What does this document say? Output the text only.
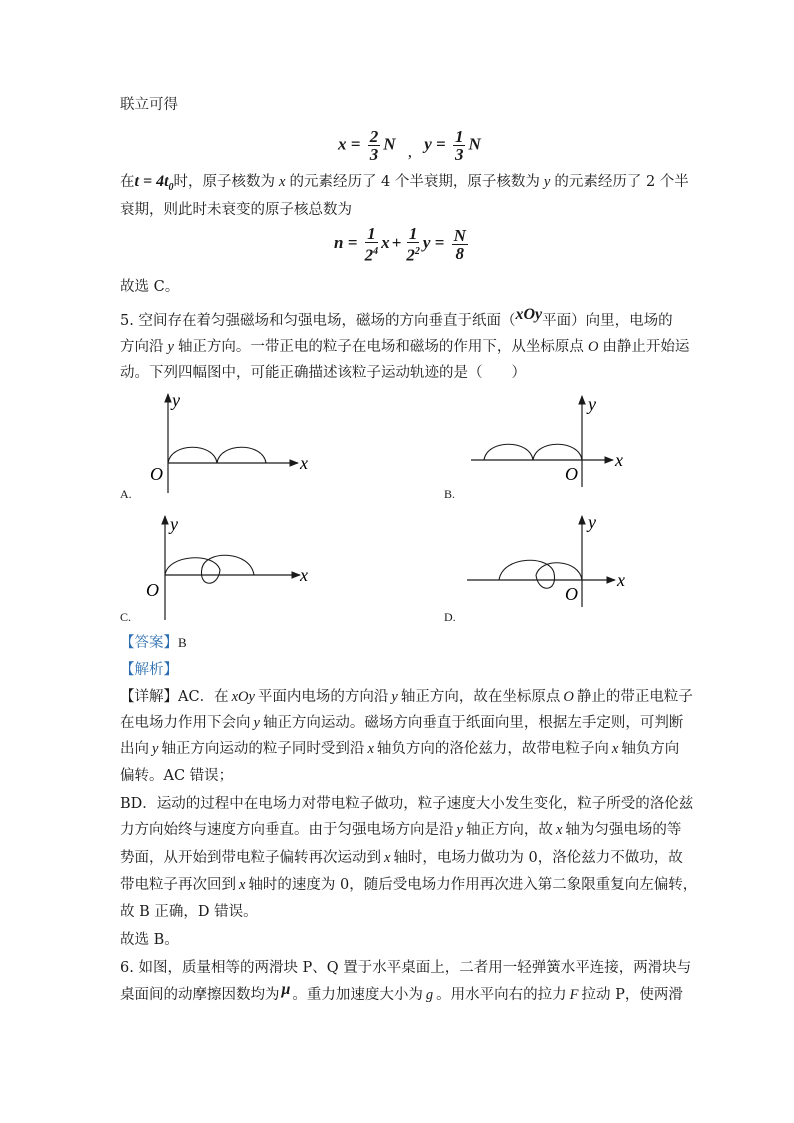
联立可得
$x = \frac{2}{3}$ N , $y = \frac{1}{3}$ N
在$t = 4t_0$时，原子核数为 x 的元素经历了 4 个半衰期，原子核数为 y 的元素经历了 2 个半
衰期，则此时未衰变的原子核总数为
$n = \frac{1}{2^4}$ $x + \frac{1}{2^2}$ $y = \frac{N}{8}$
故选 C。
5. 空间存在着匀强磁场和匀强电场，磁场的方向垂直于纸面（xOy平面）向里，电场的
方向沿 y 轴正方向。一带正电的粒子在电场和磁场的作用下，从坐标原点 O 由静止开始运
动。下列四幅图中，可能正确描述该粒子运动轨迹的是（　　）
y
x
O
A.
y
x
O
B.
y
x
O
C.
y
x
O
D.
【答案】B
【解析】
【详解】AC．在 xOy 平面内电场的方向沿 y 轴正方向，故在坐标原点 O 静止的带正电粒子
在电场力作用下会向 y 轴正方向运动。磁场方向垂直于纸面向里，根据左手定则，可判断
出向 y 轴正方向运动的粒子同时受到沿 x 轴负方向的洛伦兹力，故带电粒子向 x 轴负方向
偏转。AC 错误；
BD．运动的过程中在电场力对带电粒子做功，粒子速度大小发生变化，粒子所受的洛伦兹
力方向始终与速度方向垂直。由于匀强电场方向是沿 y 轴正方向，故 x 轴为匀强电场的等
势面，从开始到带电粒子偏转再次运动到 x 轴时，电场力做功为 0，洛伦兹力不做功，故
带电粒子再次回到 x 轴时的速度为 0，随后受电场力作用再次进入第二象限重复向左偏转，
故 B 正确，D 错误。
故选 B。
6. 如图，质量相等的两滑块 P、Q 置于水平桌面上，二者用一轻弹簧水平连接，两滑块与
桌面间的动摩擦因数均为 μ 。重力加速度大小为 g 。用水平向右的拉力 F 拉动 P，使两滑
